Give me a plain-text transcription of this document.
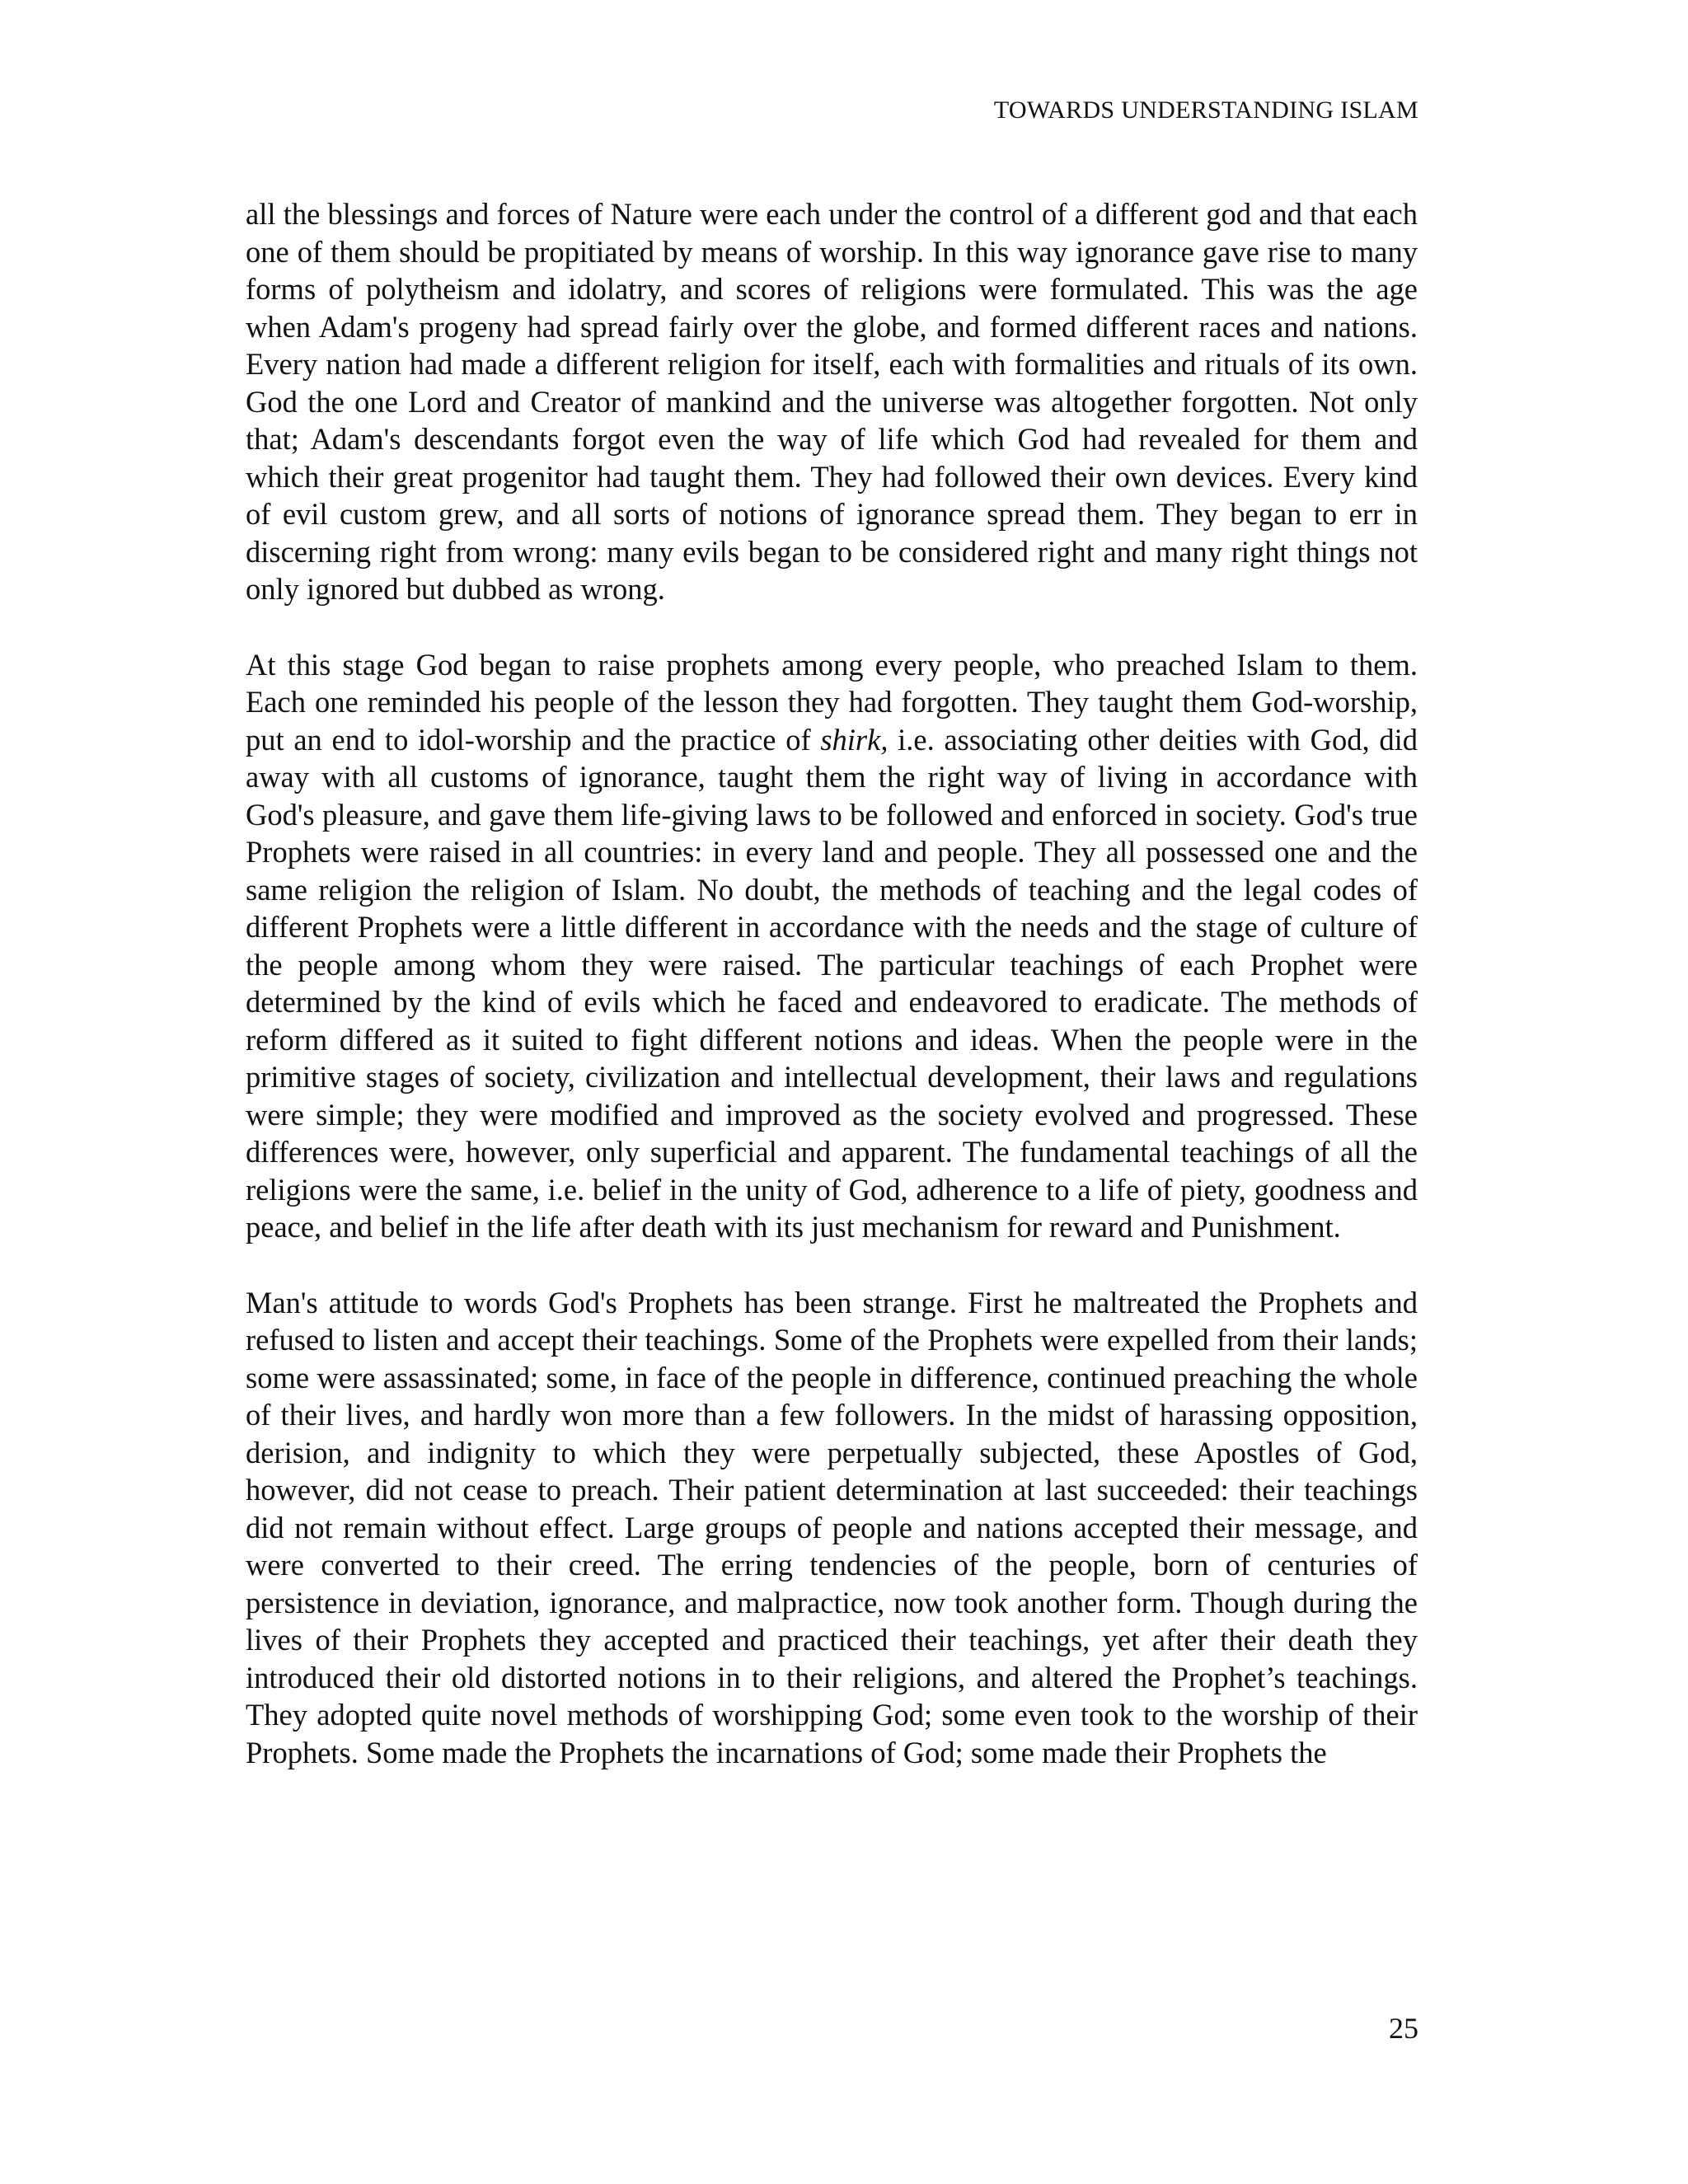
TOWARDS UNDERSTANDING ISLAM

all the blessings and forces of Nature were each under the control of a different god and that each one of them should be propitiated by means of worship. In this way ignorance gave rise to many forms of polytheism and idolatry, and scores of religions were formulated. This was the age when Adam's progeny had spread fairly over the globe, and formed different races and nations. Every nation had made a different religion for itself, each with formalities and rituals of its own. God the one Lord and Creator of mankind and the universe was altogether forgotten. Not only that; Adam's descendants forgot even the way of life which God had revealed for them and which their great progenitor had taught them. They had followed their own devices. Every kind of evil custom grew, and all sorts of notions of ignorance spread them. They began to err in discerning right from wrong: many evils began to be considered right and many right things not only ignored but dubbed as wrong.

At this stage God began to raise prophets among every people, who preached Islam to them. Each one reminded his people of the lesson they had forgotten. They taught them God-worship, put an end to idol-worship and the practice of shirk, i.e. associating other deities with God, did away with all customs of ignorance, taught them the right way of living in accordance with God's pleasure, and gave them life-giving laws to be followed and enforced in society. God's true Prophets were raised in all countries: in every land and people. They all possessed one and the same religion the religion of Islam. No doubt, the methods of teaching and the legal codes of different Prophets were a little different in accordance with the needs and the stage of culture of the people among whom they were raised. The particular teachings of each Prophet were determined by the kind of evils which he faced and endeavored to eradicate. The methods of reform differed as it suited to fight different notions and ideas. When the people were in the primitive stages of society, civilization and intellectual development, their laws and regulations were simple; they were modified and improved as the society evolved and progressed. These differences were, however, only superficial and apparent. The fundamental teachings of all the religions were the same, i.e. belief in the unity of God, adherence to a life of piety, goodness and peace, and belief in the life after death with its just mechanism for reward and Punishment.

Man's attitude to words God's Prophets has been strange. First he maltreated the Prophets and refused to listen and accept their teachings. Some of the Prophets were expelled from their lands; some were assassinated; some, in face of the people in difference, continued preaching the whole of their lives, and hardly won more than a few followers. In the midst of harassing opposition, derision, and indignity to which they were perpetually subjected, these Apostles of God, however, did not cease to preach. Their patient determination at last succeeded: their teachings did not remain without effect. Large groups of people and nations accepted their message, and were converted to their creed. The erring tendencies of the people, born of centuries of persistence in deviation, ignorance, and malpractice, now took another form. Though during the lives of their Prophets they accepted and practiced their teachings, yet after their death they introduced their old distorted notions in to their religions, and altered the Prophet’s teachings. They adopted quite novel methods of worshipping God; some even took to the worship of their Prophets. Some made the Prophets the incarnations of God; some made their Prophets the

25
